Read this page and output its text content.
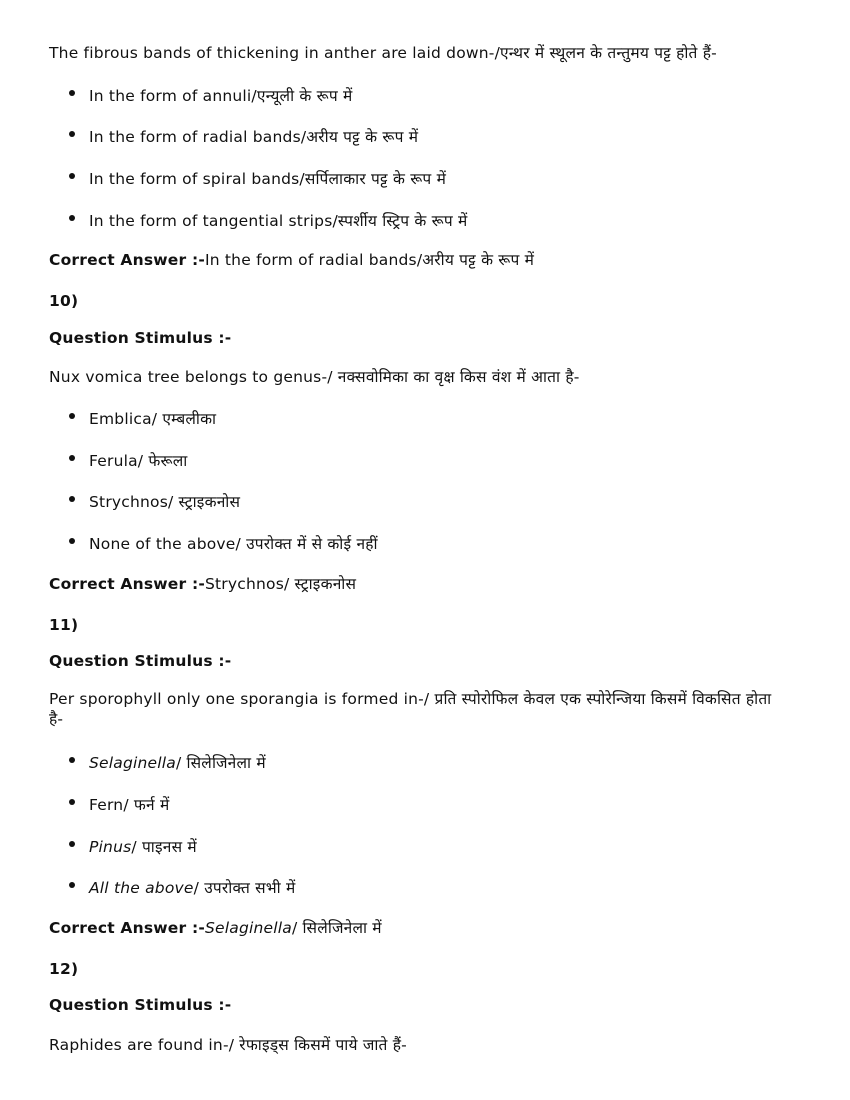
The fibrous bands of thickening in anther are laid down-/एन्थर में स्थूलन के तन्तुमय पट्ट होते हैं-
In the form of annuli/एन्यूली के रूप में
In the form of radial bands/अरीय पट्ट के रूप में
In the form of spiral bands/सर्पिलाकार पट्ट के रूप में
In the form of tangential strips/स्पर्शीय स्ट्रिप के रूप में
Correct Answer :-In the form of radial bands/अरीय पट्ट के रूप में
10)
Question Stimulus :-
Nux vomica tree belongs to genus-/ नक्सवोमिका का वृक्ष किस वंश में आता है-
Emblica/ एम्बलीका
Ferula/ फेरूला
Strychnos/ स्ट्राइकनोस
None of the above/ उपरोक्त में से कोई नहीं
Correct Answer :-Strychnos/ स्ट्राइकनोस
11)
Question Stimulus :-
Per sporophyll only one sporangia is formed in-/ प्रति स्पोरोफिल केवल एक स्पोरेन्जिया किसमें विकसित होता है-
Selaginella/ सिलेजिनेला में
Fern/ फर्न में
Pinus/ पाइनस में
All the above/ उपरोक्त सभी में
Correct Answer :-Selaginella/ सिलेजिनेला में
12)
Question Stimulus :-
Raphides are found in-/ रेफाइड्स किसमें पाये जाते हैं-
